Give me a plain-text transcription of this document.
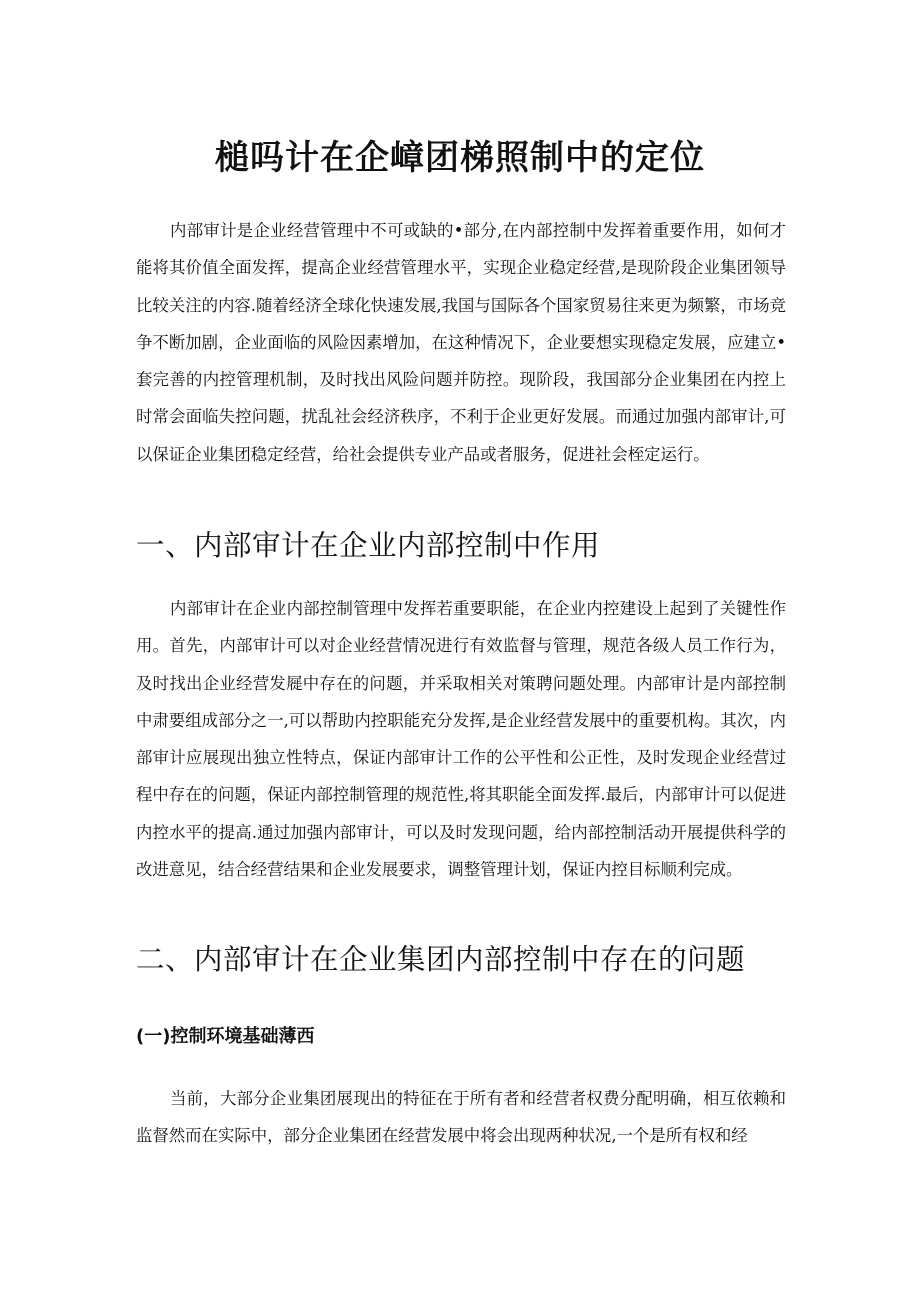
槌吗计在企嶂团梯照制中的定位

内部审计是企业经营管理中不可或缺的•部分,在内部控制中发挥着重要作用，如何才能将其价值全面发挥，提高企业经营管理水平，实现企业稳定经营,是现阶段企业集团领导比较关注的内容.随着经济全球化快速发展,我国与国际各个国家贸易往来更为频繁，市场竞争不断加剧，企业面临的风险因素增加，在这种情况下，企业要想实现稳定发展，应建立•套完善的内控管理机制，及时找出风险问题并防控。现阶段，我国部分企业集团在内控上时常会面临失控问题，扰乱社会经济秩序，不利于企业更好发展。而通过加强内部审计,可以保证企业集团稳定经营，给社会提供专业产品或者服务，促进社会桎定运行。

一、内部审计在企业内部控制中作用

内部审计在企业内部控制管理中发挥若重要职能，在企业内控建设上起到了关键性作用。首先，内部审计可以对企业经营情况进行有效监督与管理，规范各级人员工作行为，及时找出企业经营发屣中存在的问题，并采取相关对策聘问题处理。内部审计是内部控制中肃要组成部分之一,可以帮助内控职能充分发挥,是企业经营发展中的重要机构。其次，内部审计应展现出独立性特点，保证内部审计工作的公平性和公正性，及时发现企业经营过程中存在的问题，保证内部控制管理的规范性,将其职能全面发挥.最后，内部审计可以促进内控水平的提高.通过加强内部审计，可以及时发现问题，给内部控制活动开展提供科学的改进意见，结合经营结果和企业发展要求，调整管理计划，保证内控目标顺利完成。

二、内部审计在企业集团内部控制中存在的问题
(一)控制环境基础薄西

当前，大部分企业集团展现出的特征在于所有者和经营者权费分配明确，相互依赖和监督然而在实际中，部分企业集团在经营发展中将会出现两种状况,一个是所有权和经
